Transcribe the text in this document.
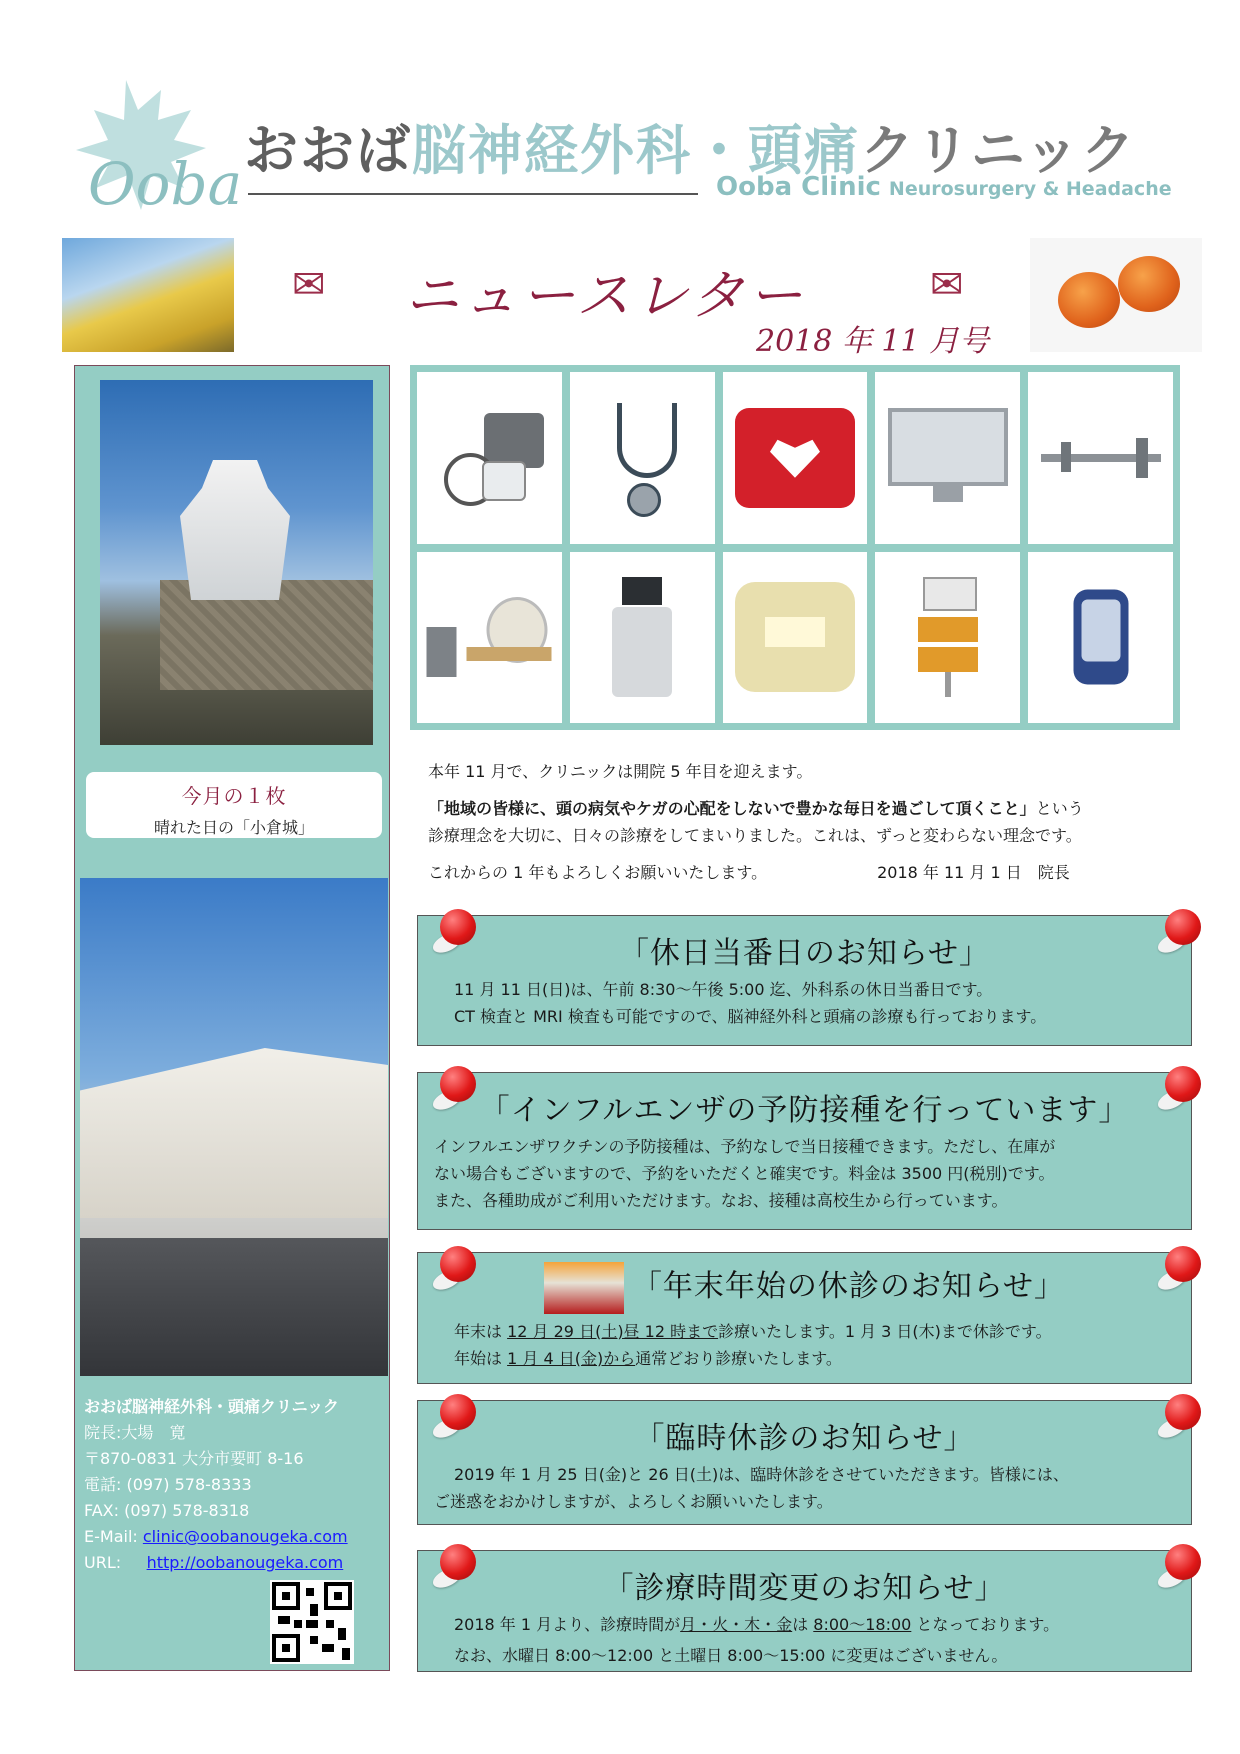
Ooba おおば脳神経外科・頭痛クリニック
Ooba Clinic Neurosurgery & Headache
✉ ニュースレター	✉
2018 年 11 月号
今月の１枚
晴れた日の「小倉城」
おおば脳神経外科・頭痛クリニック
院長:大場　寛
〒870-0831 大分市要町 8-16
電話: (097) 578-8333
FAX: (097) 578-8318
E-Mail: clinic@oobanougeka.com
URL: http://oobanougeka.com

本年 11 月で、クリニックは開院 5 年目を迎えます。

「地域の皆様に、頭の病気やケガの心配をしないで豊かな毎日を過ごして頂くこと」という

診療理念を大切に、日々の診療をしてまいりました。これは、ずっと変わらない理念です。

これからの 1 年もよろしくお願いいたします。	2018 年 11 月 1 日　院長

「休日当番日のお知らせ」
11 月 11 日(日)は、午前 8:30～午後 5:00 迄、外科系の休日当番日です。
CT 検査と MRI 検査も可能ですので、脳神経外科と頭痛の診療も行っております。
「インフルエンザの予防接種を行っています」
インフルエンザワクチンの予防接種は、予約なしで当日接種できます。ただし、在庫が
ない場合もございますので、予約をいただくと確実です。料金は 3500 円(税別)です。
また、各種助成がご利用いただけます。なお、接種は高校生から行っています。
「年末年始の休診のお知らせ」
年末は 12 月 29 日(土)昼 12 時まで診療いたします。1 月 3 日(木)まで休診です。
年始は 1 月 4 日(金)から通常どおり診療いたします。
「臨時休診のお知らせ」
2019 年 1 月 25 日(金)と 26 日(土)は、臨時休診をさせていただきます。皆様には、
ご迷惑をおかけしますが、よろしくお願いいたします。
「診療時間変更のお知らせ」
2018 年 1 月より、診療時間が月・火・木・金は 8:00～18:00 となっております。
なお、水曜日 8:00～12:00 と土曜日 8:00～15:00 に変更はございません。
